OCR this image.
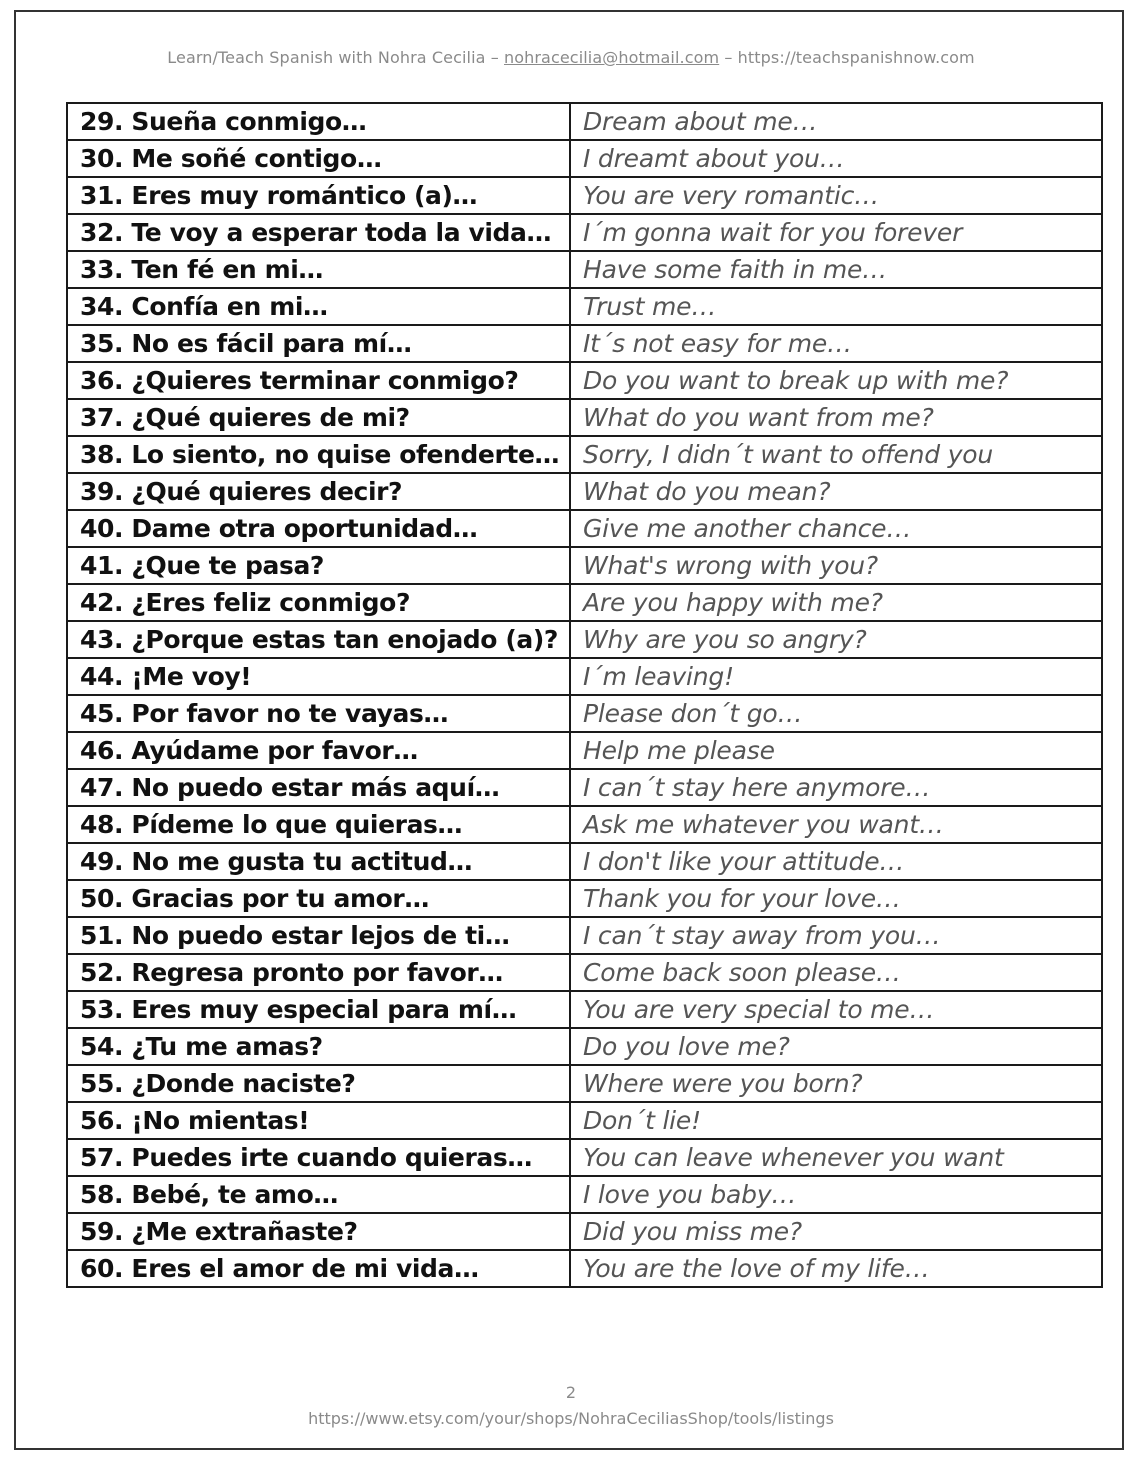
Learn/Teach Spanish with Nohra Cecilia – nohracecilia@hotmail.com – https://teachspanishnow.com
29. Sueña conmigo…	Dream about me…
30. Me soñé contigo…	I dreamt about you…
31. Eres muy romántico (a)…	You are very romantic…
32. Te voy a esperar toda la vida…	I´m gonna wait for you forever
33. Ten fé en mi…	Have some faith in me…
34. Confía en mi…	Trust me…
35. No es fácil para mí…	It´s not easy for me…
36. ¿Quieres terminar conmigo?	Do you want to break up with me?
37. ¿Qué quieres de mi?	What do you want from me?
38. Lo siento, no quise ofenderte…	Sorry, I didn´t want to offend you
39. ¿Qué quieres decir?	What do you mean?
40. Dame otra oportunidad…	Give me another chance…
41. ¿Que te pasa?	What's wrong with you?
42. ¿Eres feliz conmigo?	Are you happy with me?
43. ¿Porque estas tan enojado (a)?	Why are you so angry?
44. ¡Me voy!	I´m leaving!
45. Por favor no te vayas…	Please don´t go…
46. Ayúdame por favor…	Help me please
47. No puedo estar más aquí…	I can´t stay here anymore…
48. Pídeme lo que quieras…	Ask me whatever you want…
49. No me gusta tu actitud…	I don't like your attitude…
50. Gracias por tu amor…	Thank you for your love…
51. No puedo estar lejos de ti…	I can´t stay away from you…
52. Regresa pronto por favor…	Come back soon please…
53. Eres muy especial para mí…	You are very special to me…
54. ¿Tu me amas?	Do you love me?
55. ¿Donde naciste?	Where were you born?
56. ¡No mientas!	Don´t lie!
57. Puedes irte cuando quieras…	You can leave whenever you want
58. Bebé, te amo…	I love you baby…
59. ¿Me extrañaste?	Did you miss me?
60. Eres el amor de mi vida…	You are the love of my life…
2
https://www.etsy.com/your/shops/NohraCeciliasShop/tools/listings
